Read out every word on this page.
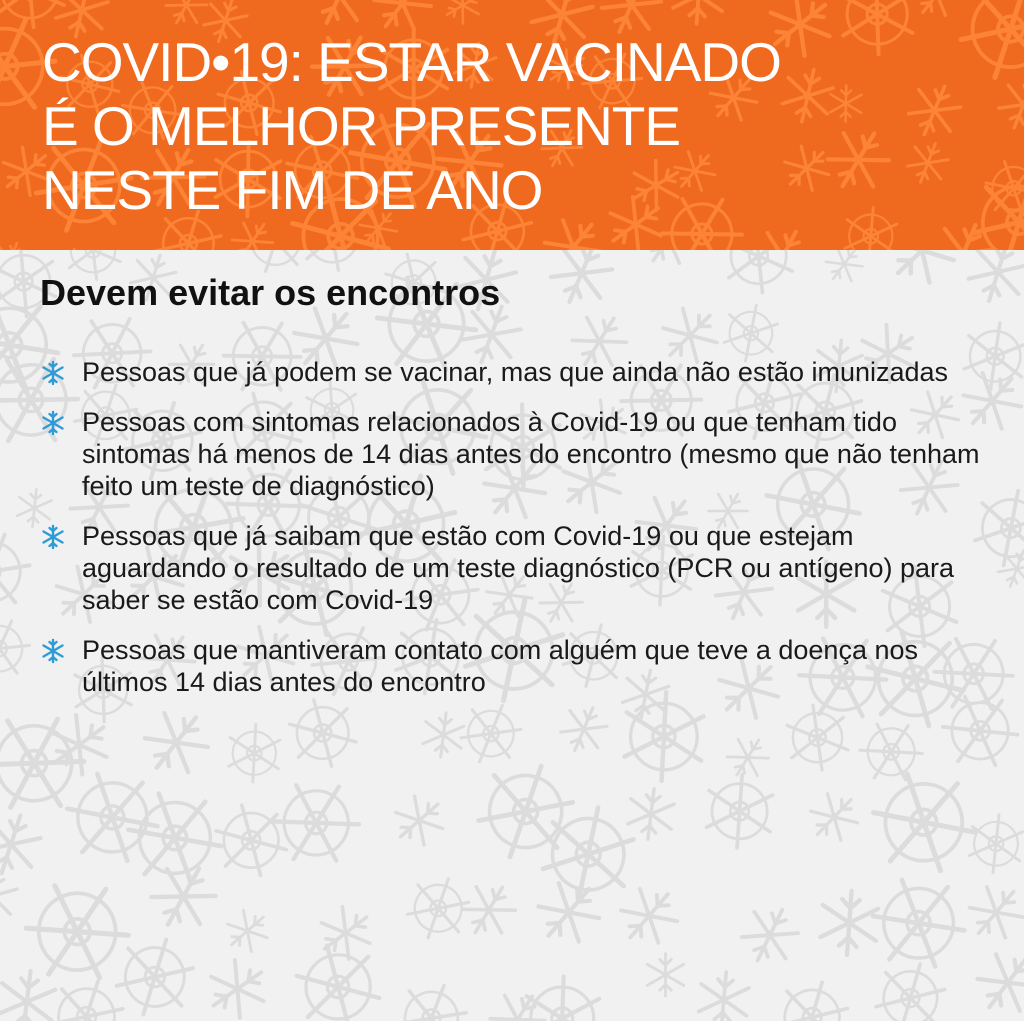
COVID•19: ESTAR VACINADO
É O MELHOR PRESENTE
NESTE FIM DE ANO
Devem evitar os encontros
Pessoas que já podem se vacinar, mas que ainda não estão imunizadas
Pessoas com sintomas relacionados à Covid-19 ou que tenham tido sintomas há menos de 14 dias antes do encontro (mesmo que não tenham feito um teste de diagnóstico)
Pessoas que já saibam que estão com Covid-19 ou que estejam aguardando o resultado de um teste diagnóstico (PCR ou antígeno) para saber se estão com Covid-19
Pessoas que mantiveram contato com alguém que teve a doença nos últimos 14 dias antes do encontro
